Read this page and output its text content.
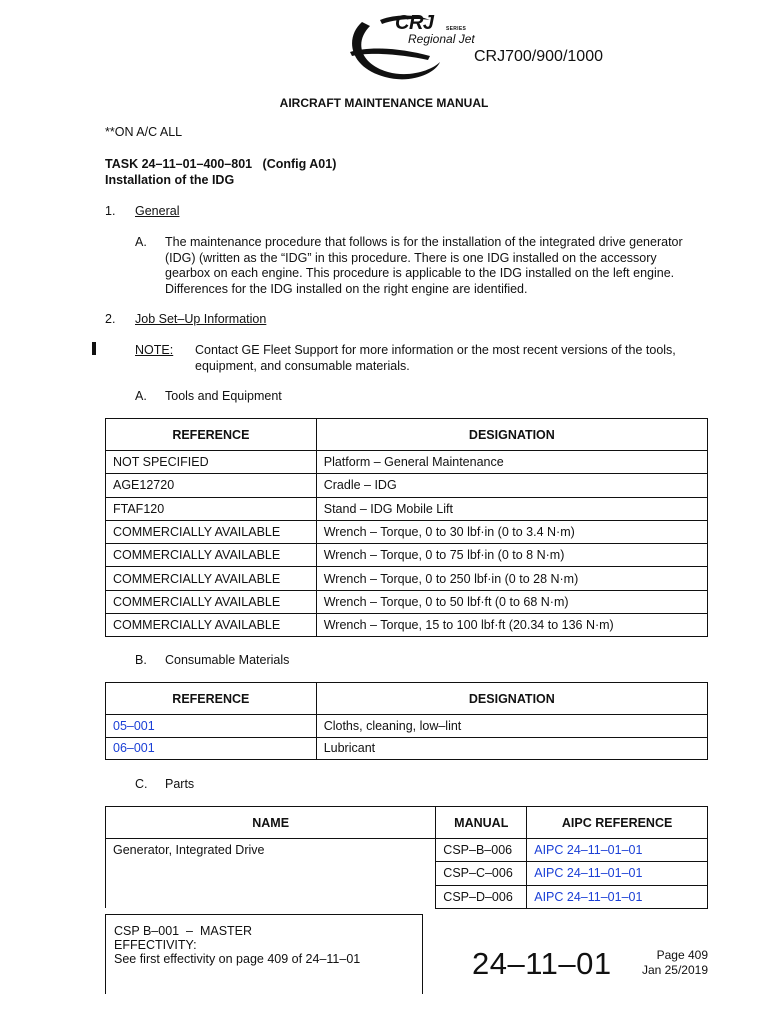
CRJ SERIES
Regional Jet
CRJ700/900/1000
AIRCRAFT MAINTENANCE MANUAL
**ON A/C ALL
TASK 24–11–01–400–801   (Config A01)
Installation of the IDG
1. General
A. The maintenance procedure that follows is for the installation of the integrated drive generator (IDG) (written as the “IDG” in this procedure. There is one IDG installed on the accessory gearbox on each engine. This procedure is applicable to the IDG installed on the left engine. Differences for the IDG installed on the right engine are identified.
2. Job Set–Up Information
NOTE: Contact GE Fleet Support for more information or the most recent versions of the tools, equipment, and consumable materials.
A. Tools and Equipment
REFERENCE	DESIGNATION
NOT SPECIFIED	Platform – General Maintenance
AGE12720	Cradle – IDG
FTAF120	Stand – IDG Mobile Lift
COMMERCIALLY AVAILABLE	Wrench – Torque, 0 to 30 lbf·in (0 to 3.4 N·m)
COMMERCIALLY AVAILABLE	Wrench – Torque, 0 to 75 lbf·in (0 to 8 N·m)
COMMERCIALLY AVAILABLE	Wrench – Torque, 0 to 250 lbf·in (0 to 28 N·m)
COMMERCIALLY AVAILABLE	Wrench – Torque, 0 to 50 lbf·ft (0 to 68 N·m)
COMMERCIALLY AVAILABLE	Wrench – Torque, 15 to 100 lbf·ft (20.34 to 136 N·m)
B. Consumable Materials
REFERENCE	DESIGNATION
05–001	Cloths, cleaning, low–lint
06–001	Lubricant
C. Parts
NAME	MANUAL	AIPC REFERENCE
Generator, Integrated Drive	CSP–B–006	AIPC 24–11–01–01
	CSP–C–006	AIPC 24–11–01–01
	CSP–D–006	AIPC 24–11–01–01
CSP B–001  –  MASTER
EFFECTIVITY:
See first effectivity on page 409 of 24–11–01	24–11–01	Page 409
Jan 25/2019
